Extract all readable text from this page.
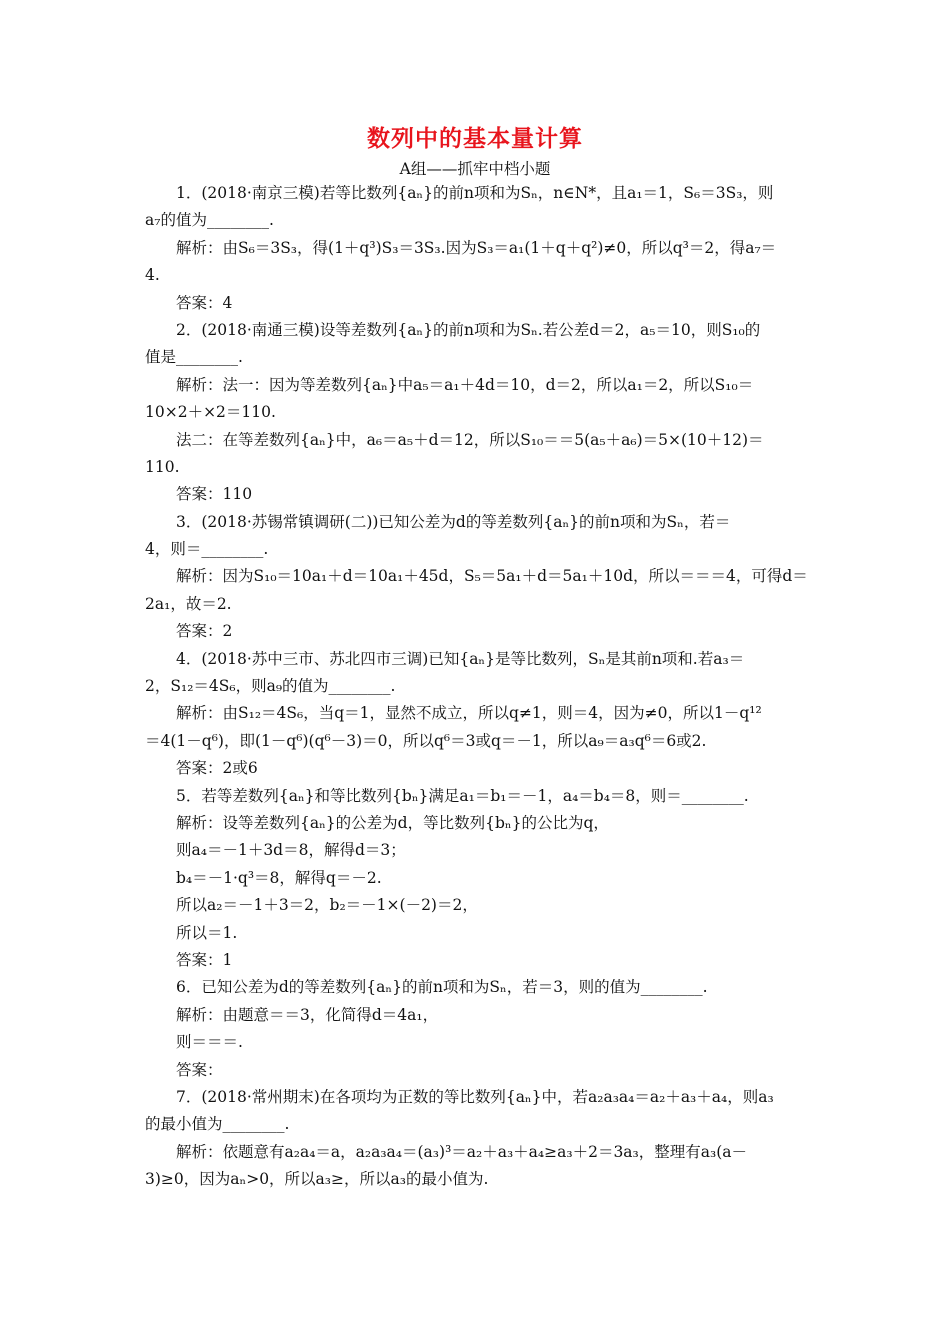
数列中的基本量计算
A组——抓牢中档小题
1．(2018·南京三模)若等比数列{aₙ}的前n项和为Sₙ，n∈N*，且a₁＝1，S₆＝3S₃，则
a₇的值为________.
解析：由S₆＝3S₃，得(1＋q³)S₃＝3S₃.因为S₃＝a₁(1＋q＋q²)≠0，所以q³＝2，得a₇＝
4.
答案：4
2．(2018·南通三模)设等差数列{aₙ}的前n项和为Sₙ.若公差d＝2，a₅＝10，则S₁₀的
值是________.
解析：法一：因为等差数列{aₙ}中a₅＝a₁＋4d＝10，d＝2，所以a₁＝2，所以S₁₀＝
10×2＋×2＝110.
法二：在等差数列{aₙ}中，a₆＝a₅＋d＝12，所以S₁₀＝＝5(a₅＋a₆)＝5×(10＋12)＝
110.
答案：110
3．(2018·苏锡常镇调研(二))已知公差为d的等差数列{aₙ}的前n项和为Sₙ，若＝
4，则＝________.
解析：因为S₁₀＝10a₁＋d＝10a₁＋45d，S₅＝5a₁＋d＝5a₁＋10d，所以＝＝＝4，可得d＝
2a₁，故＝2.
答案：2
4．(2018·苏中三市、苏北四市三调)已知{aₙ}是等比数列，Sₙ是其前n项和.若a₃＝
2，S₁₂＝4S₆，则a₉的值为________.
解析：由S₁₂＝4S₆，当q＝1，显然不成立，所以q≠1，则＝4，因为≠0，所以1－q¹²
＝4(1－q⁶)，即(1－q⁶)(q⁶－3)＝0，所以q⁶＝3或q＝－1，所以a₉＝a₃q⁶＝6或2.
答案：2或6
5．若等差数列{aₙ}和等比数列{bₙ}满足a₁＝b₁＝－1，a₄＝b₄＝8，则＝________.
解析：设等差数列{aₙ}的公差为d，等比数列{bₙ}的公比为q，
则a₄＝－1＋3d＝8，解得d＝3；
b₄＝－1·q³＝8，解得q＝－2.
所以a₂＝－1＋3＝2，b₂＝－1×(－2)＝2，
所以＝1.
答案：1
6．已知公差为d的等差数列{aₙ}的前n项和为Sₙ，若＝3，则的值为________.
解析：由题意＝＝3，化简得d＝4a₁，
则＝＝＝.
答案：
7．(2018·常州期末)在各项均为正数的等比数列{aₙ}中，若a₂a₃a₄＝a₂＋a₃＋a₄，则a₃
的最小值为________.
解析：依题意有a₂a₄＝a，a₂a₃a₄＝(a₃)³＝a₂＋a₃＋a₄≥a₃＋2＝3a₃，整理有a₃(a－
3)≥0，因为aₙ>0，所以a₃≥，所以a₃的最小值为.
